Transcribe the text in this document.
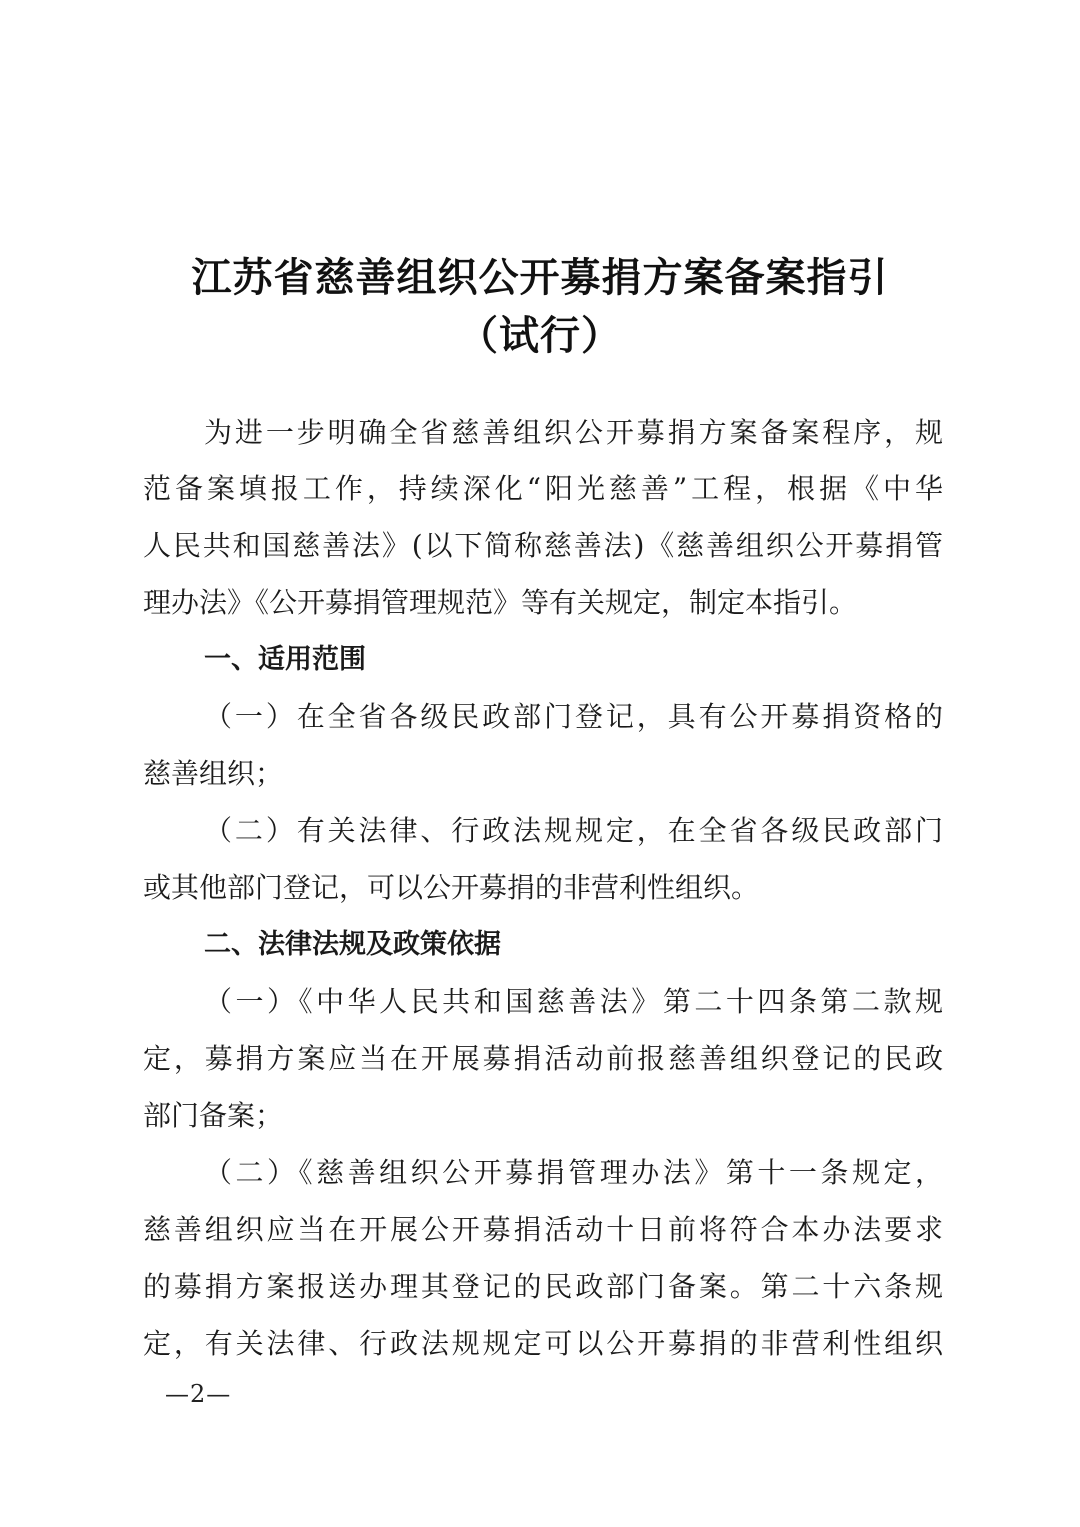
江苏省慈善组织公开募捐方案备案指引
（试行）
为进一步明确全省慈善组织公开募捐方案备案程序，规
范备案填报工作，持续深化“阳光慈善”工程，根据《中华
人民共和国慈善法》(以下简称慈善法)《慈善组织公开募捐管
理办法》《公开募捐管理规范》等有关规定，制定本指引。
一、适用范围
（一）在全省各级民政部门登记，具有公开募捐资格的
慈善组织；
（二）有关法律、行政法规规定，在全省各级民政部门
或其他部门登记，可以公开募捐的非营利性组织。
二、法律法规及政策依据
（一）《中华人民共和国慈善法》第二十四条第二款规
定，募捐方案应当在开展募捐活动前报慈善组织登记的民政
部门备案；
（二）《慈善组织公开募捐管理办法》第十一条规定，
慈善组织应当在开展公开募捐活动十日前将符合本办法要求
的募捐方案报送办理其登记的民政部门备案。第二十六条规
定，有关法律、行政法规规定可以公开募捐的非营利性组织
—2—
